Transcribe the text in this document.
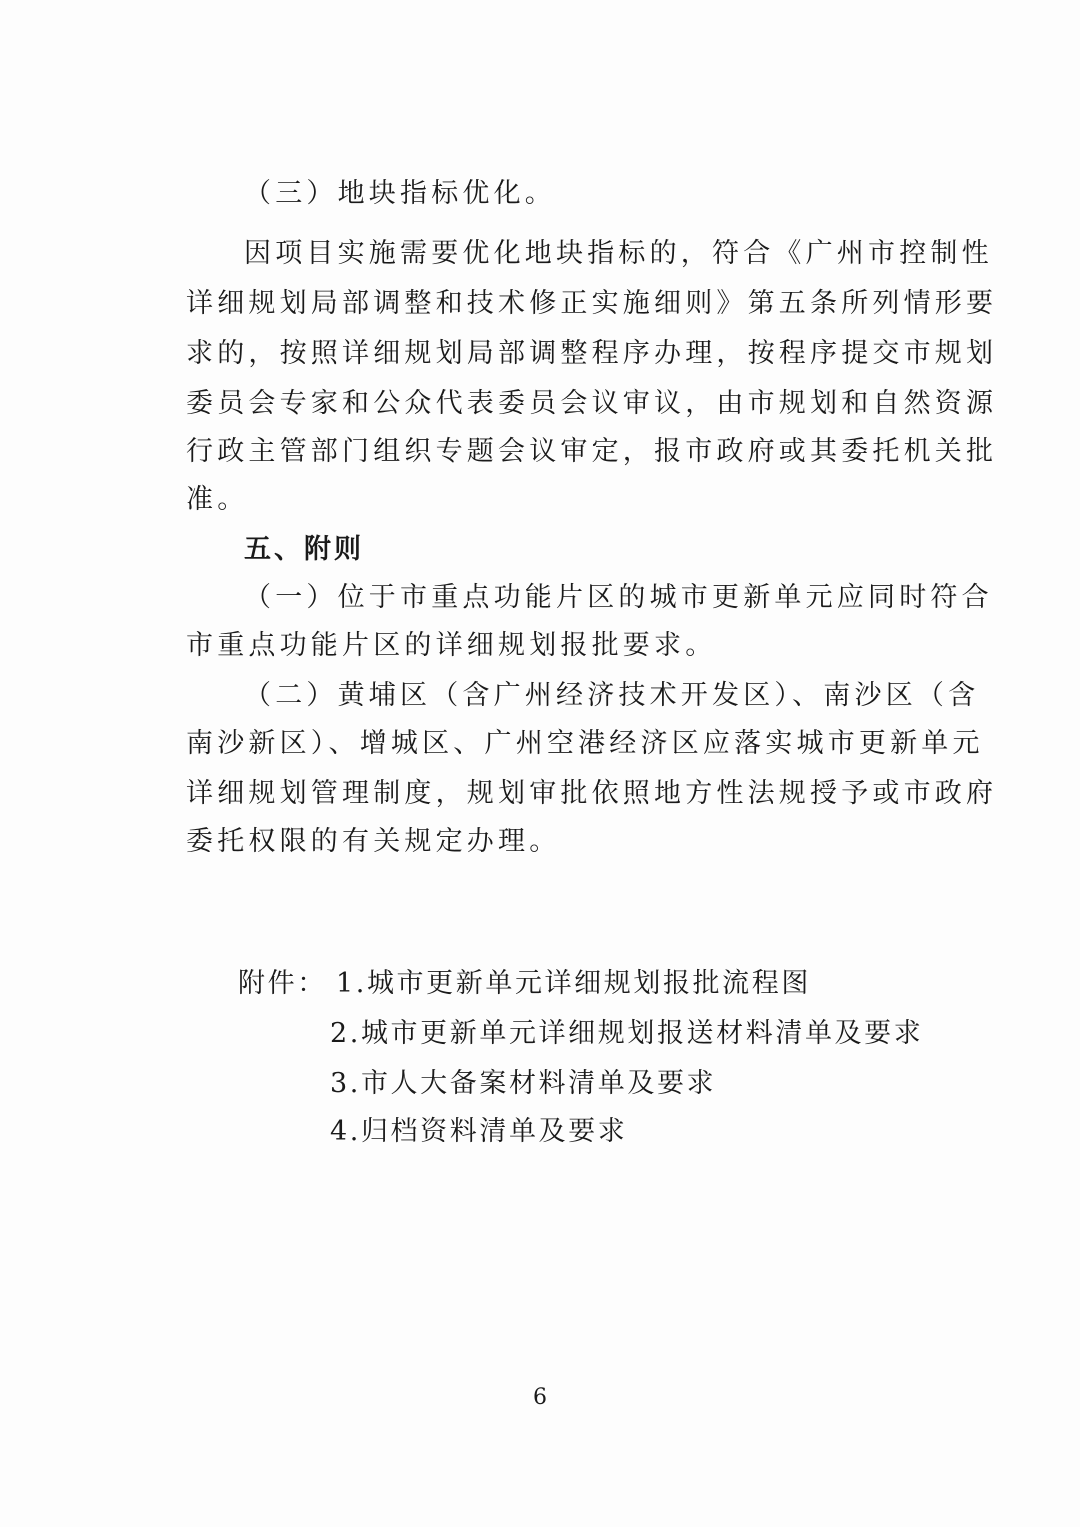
（三）地块指标优化。
因项目实施需要优化地块指标的，符合《广州市控制性
详细规划局部调整和技术修正实施细则》第五条所列情形要
求的，按照详细规划局部调整程序办理，按程序提交市规划
委员会专家和公众代表委员会议审议，由市规划和自然资源
行政主管部门组织专题会议审定，报市政府或其委托机关批
准。
五、附则
（一）位于市重点功能片区的城市更新单元应同时符合
市重点功能片区的详细规划报批要求。
（二）黄埔区（含广州经济技术开发区）、南沙区（含
南沙新区）、增城区、广州空港经济区应落实城市更新单元
详细规划管理制度，规划审批依照地方性法规授予或市政府
委托权限的有关规定办理。
附件： 1.城市更新单元详细规划报批流程图
2.城市更新单元详细规划报送材料清单及要求
3.市人大备案材料清单及要求
4.归档资料清单及要求
6
